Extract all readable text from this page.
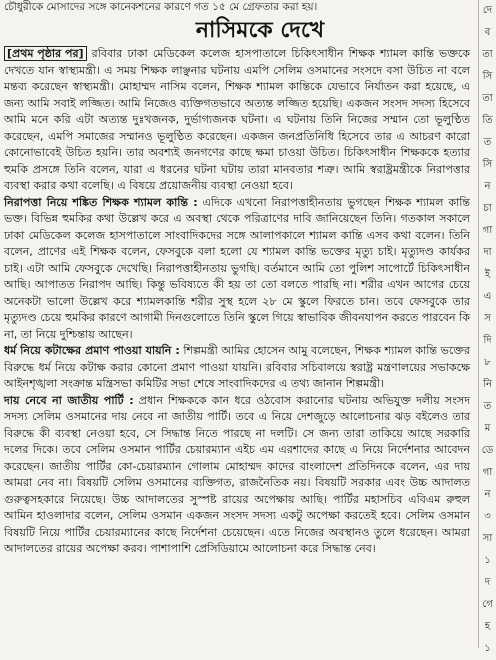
চৌধুরীকে মোসাদের সঙ্গে কানেকশনের কারণে গত ১৫ মে গ্রেফতার করা হয়।
নাসিমকে দেখে

[প্রথম পৃষ্ঠার পর] রবিবার ঢাকা মেডিকেল কলেজ হাসপাতালে চিকিৎসাধীন শিক্ষক শ্যামল কান্তি ভক্তকে দেখতে যান স্বাস্থ্যমন্ত্রী। এ সময় শিক্ষক লাঞ্ছনার ঘটনায় এমপি সেলিম ওসমানের সংসদে বসা উচিত না বলে মন্তব্য করেছেন স্বাস্থ্যমন্ত্রী। মোহাম্মদ নাসিম বলেন, শিক্ষক শ্যামল কান্তিকে যেভাবে নির্যাতন করা হয়েছে, এ জন্য আমি সবাই লজ্জিত। আমি নিজেও ব্যক্তিগতভাবে অত্যন্ত লজ্জিত হয়েছি। একজন সংসদ সদস্য হিসেবে আমি মনে করি এটা অত্যন্ত দুঃখজনক, দুর্ভাগ্যজনক ঘটনা। এ ঘটনায় তিনি নিজের সম্মান তো ভূলুণ্ঠিত করেছেন, এমপি সমাজের সম্মানও ভূলুণ্ঠিত করেছেন। একজন জনপ্রতিনিধি হিসেবে তার এ আচরণ কারো কোনোভাবেই উচিত হয়নি। তার অবশ্যই জনগণের কাছে ক্ষমা চাওয়া উচিত। চিকিৎসাধীন শিক্ষককে হত্যার হুমকি প্রসঙ্গে তিনি বলেন, যারা এ ধরনের ঘটনা ঘটায় তারা মানবতার শত্রু। আমি স্বরাষ্ট্রমন্ত্রীকে নিরাপত্তার ব্যবস্থা করার কথা বলেছি। এ বিষয়ে প্রয়োজনীয় ব্যবস্থা নেওয়া হবে।

নিরাপত্তা নিয়ে শঙ্কিত শিক্ষক শ্যামল কান্তি : এদিকে এখনো নিরাপত্তাহীনতায় ভুগছেন শিক্ষক শ্যামল কান্তি ভক্ত। বিভিন্ন হুমকির কথা উল্লেখ করে এ অবস্থা থেকে পরিত্রাণের দাবি জানিয়েছেন তিনি। গতকাল সকালে ঢাকা মেডিকেল কলেজ হাসপাতালে সাংবাদিকদের সঙ্গে আলাপকালে শ্যামল কান্তি এসব কথা বলেন। তিনি বলেন, প্রাণের এই শিক্ষক বলেন, ফেসবুকে বলা হলো যে শ্যামল কান্তি ভক্তের মৃত্যু চাই। মৃত্যুদণ্ড কার্যকর চাই। এটা আমি ফেসবুকে দেখেছি। নিরাপত্তাহীনতায় ভুগছি। বর্তমানে আমি তো পুলিশ সাপোর্টে চিকিৎসাধীন আছি। আপাতত নিরাপদ আছি। কিন্তু ভবিষ্যতে কী হয় তা তো বলতে পারছি না। শরীর এখন আগের চেয়ে অনেকটা ভালো উল্লেখ করে শ্যামলকান্তি শরীর সুস্থ হলে ২৮ মে স্কুলে ফিরতে চান। তবে ফেসবুকে তার মৃত্যুদণ্ড চেয়ে হুমকির কারণে আগামী দিনগুলোতে তিনি স্কুলে গিয়ে স্বাভাবিক জীবনযাপন করতে পারবেন কি না, তা নিয়ে দুশ্চিন্তায় আছেন।

ধর্ম নিয়ে কটাক্ষের প্রমাণ পাওয়া যায়নি : শিল্পমন্ত্রী আমির হোসেন আমু বলেছেন, শিক্ষক শ্যামল কান্তি ভক্তের বিরুদ্ধে ধর্ম নিয়ে কটাক্ষ করার কোনো প্রমাণ পাওয়া যায়নি। রবিবার সচিবালয়ে স্বরাষ্ট্র মন্ত্রণালয়ের সভাকক্ষে আইনশৃঙ্খলা সংক্রান্ত মন্ত্রিসভা কমিটির সভা শেষে সাংবাদিকদের এ তথ্য জানান শিল্পমন্ত্রী।

দায় নেবে না জাতীয় পার্টি : প্রধান শিক্ষককে কান ধরে ওঠবোস করানোর ঘটনায় অভিযুক্ত দলীয় সংসদ সদস্য সেলিম ওসমানের দায় নেবে না জাতীয় পার্টি। তবে এ নিয়ে দেশজুড়ে আলোচনার ঝড় বইলেও তার বিরুদ্ধে কী ব্যবস্থা নেওয়া হবে, সে সিদ্ধান্ত নিতে পারছে না দলটি। সে জন্য তারা তাকিয়ে আছে সরকারি দলের দিকে। তবে সেলিম ওসমান পার্টির চেয়ারম্যান এইচ এম এরশাদের কাছে এ নিয়ে নির্দেশনার আবেদন করেছেন। জাতীয় পার্টির কো-চেয়ারম্যান গোলাম মোহাম্মদ কাদের বাংলাদেশ প্রতিদিনকে বলেন, এর দায় আমরা নেব না। বিষয়টি সেলিম ওসমানের ব্যক্তিগত, রাজনৈতিক নয়। বিষয়টি সরকার এবং উচ্চ আদালত গুরুত্বসহকারে নিয়েছে। উচ্চ আদালতের সুস্পষ্ট রায়ের অপেক্ষায় আছি। পার্টির মহাসচিব এবিএম রুহুল আমিন হাওলাদার বলেন, সেলিম ওসমান একজন সংসদ সদস্য একটু অপেক্ষা করতেই হবে। সেলিম ওসমান বিষয়টি নিয়ে পার্টির চেয়ারম্যানের কাছে নির্দেশনা চেয়েছেন। এতে নিজের অবস্থানও তুলে ধরেছেন। আমরা আদালতের রায়ের অপেক্ষা করব। পাশাপাশি প্রেসিডিয়ামে আলোচনা করে সিদ্ধান্ত নেব।

দে
ব
তা
সি
তা
তি
ত
সি
ন
চা
গা
দা
ই
এ
স
দি
৮
নি
ত
ম
ডে
গা
ন
৩
সা
১
দ
গে
হ
১
